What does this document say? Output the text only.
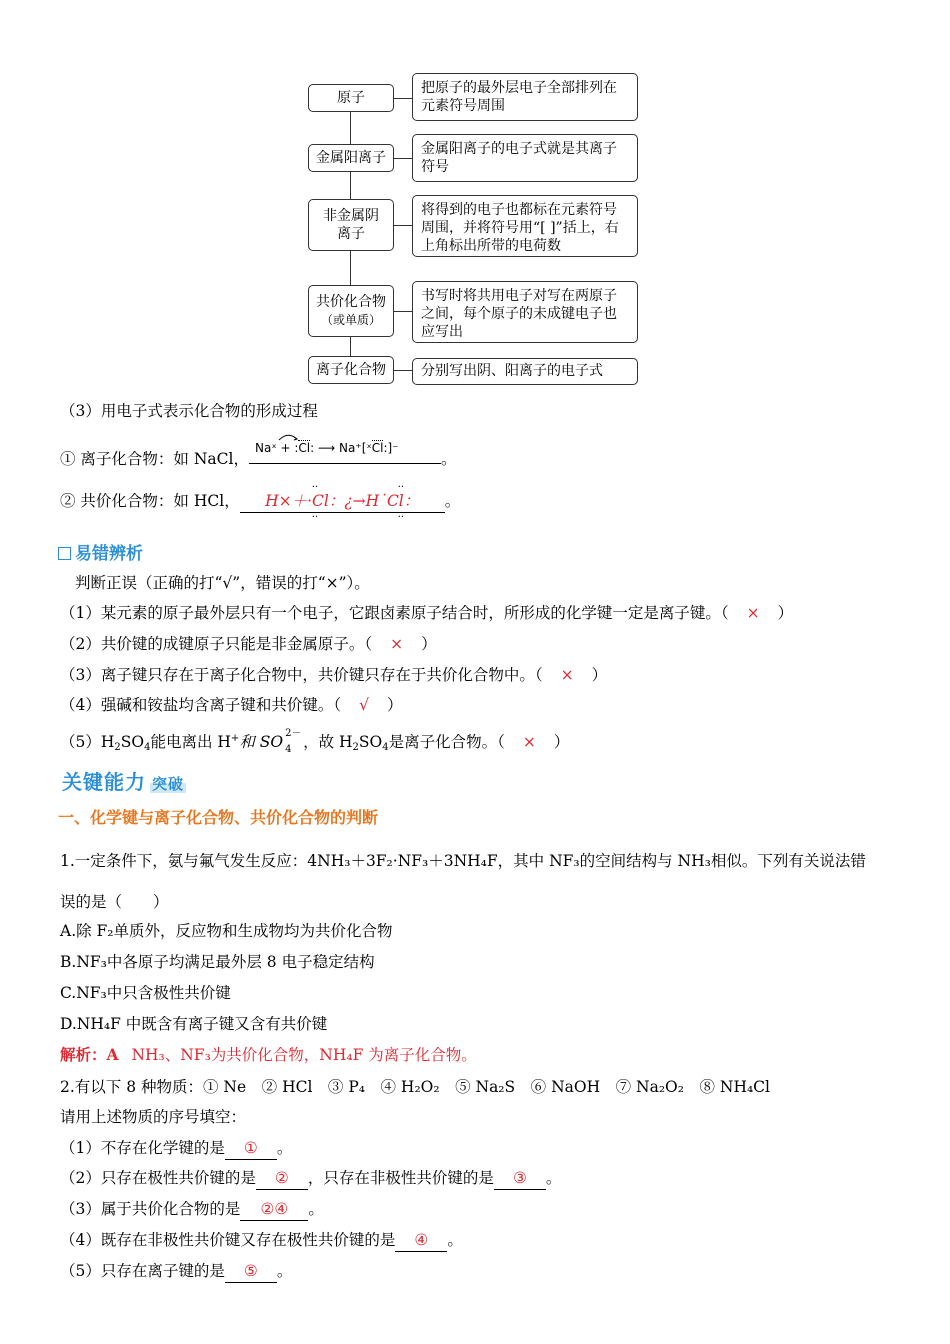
原子
把原子的最外层电子全部排列在元素符号周围
金属阳离子
金属阳离子的电子式就是其离子符号
非金属阴离子
将得到的电子也都标在元素符号周围，并将符号用“[ ]”括上，右上角标出所带的电荷数
共价化合物
（或单质）
书写时将共用电子对写在两原子之间，每个原子的未成键电子也应写出
离子化合物	分别写出阴、阳离子的电子式
（3）用电子式表示化合物的形成过程
① 离子化合物：如 NaCl，
Naˣ + :Cl: ⟶ Na⁺[ˣCl:]⁻
。
② 共价化合物：如 HCl， H×＋·Cl：¿→H˙Cl：
··
··
··
··
。
易错辨析
判断正误（正确的打“√”，错误的打“×”）。
（1）某元素的原子最外层只有一个电子，它跟卤素原子结合时，所形成的化学键一定是离子键。（ × ）
（2）共价键的成键原子只能是非金属原子。（ × ）
（3）离子键只存在于离子化合物中，共价键只存在于共价化合物中。（ × ）
（4）强碱和铵盐均含离子键和共价键。（ √ ）
$(5)H_2SO_4$能电离出 H+和 SO 2－
4 ，故 $H_2SO_4$是离子化合物。（ × ）
关键能力 突破
一、化学键与离子化合物、共价化合物的判断
1.一定条件下，氨与氟气发生反应：4NH₃＋3F₂·NF₃＋3NH₄F，其中 NF₃的空间结构与 NH₃相似。下列有关说法错
误的是（　　）
A.除 F₂单质外，反应物和生成物均为共价化合物
B.NF₃中各原子均满足最外层 8 电子稳定结构
C.NF₃中只含极性共价键
D.NH₄F 中既含有离子键又含有共价键
解析：A NH₃、NF₃为共价化合物，NH₄F 为离子化合物。
2.有以下 8 种物质：① Ne　② HCl　③ P₄　④ H₂O₂　⑤ Na₂S　⑥ NaOH　⑦ Na₂O₂　⑧ NH₄Cl
请用上述物质的序号填空：
（1）不存在化学键的是 ① 。
（2）只存在极性共价键的是 ② ，只存在非极性共价键的是 ③ 。
（3）属于共价化合物的是 ②④ 。
（4）既存在非极性共价键又存在极性共价键的是 ④ 。
（5）只存在离子键的是 ⑤ 。
